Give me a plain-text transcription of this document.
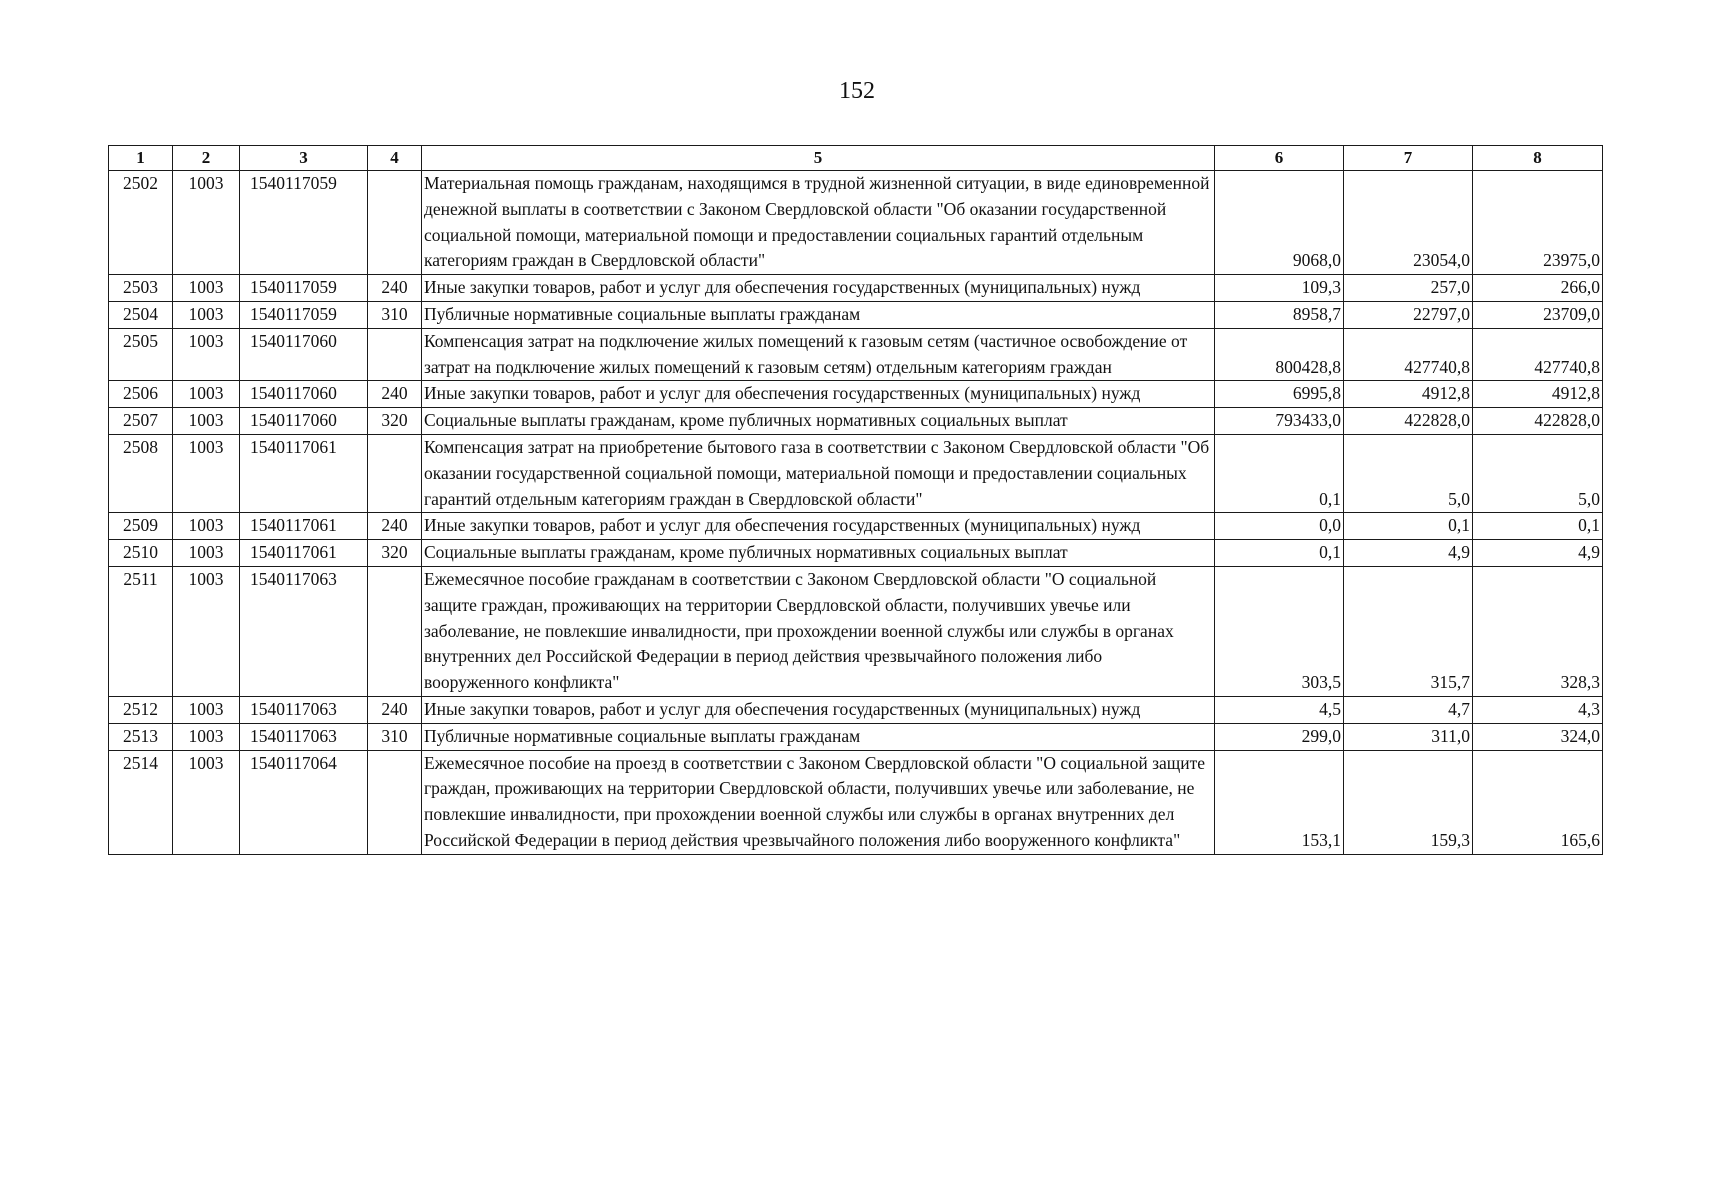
152
1	2	3	4	5	6	7	8
2502	1003	1540117059		Материальная помощь гражданам, находящимся в трудной жизненной ситуации, в виде единовременной денежной выплаты в соответствии с Законом Свердловской области "Об оказании государственной социальной помощи, материальной помощи и предоставлении социальных гарантий отдельным категориям граждан в Свердловской области"	9068,0	23054,0	23975,0
2503	1003	1540117059	240	Иные закупки товаров, работ и услуг для обеспечения государственных (муниципальных) нужд	109,3	257,0	266,0
2504	1003	1540117059	310	Публичные нормативные социальные выплаты гражданам	8958,7	22797,0	23709,0
2505	1003	1540117060		Компенсация затрат на подключение жилых помещений к газовым сетям (частичное освобождение от затрат на подключение жилых помещений к газовым сетям) отдельным категориям граждан	800428,8	427740,8	427740,8
2506	1003	1540117060	240	Иные закупки товаров, работ и услуг для обеспечения государственных (муниципальных) нужд	6995,8	4912,8	4912,8
2507	1003	1540117060	320	Социальные выплаты гражданам, кроме публичных нормативных социальных выплат	793433,0	422828,0	422828,0
2508	1003	1540117061		Компенсация затрат на приобретение бытового газа в соответствии с Законом Свердловской области "Об оказании государственной социальной помощи, материальной помощи и предоставлении социальных гарантий отдельным категориям граждан в Свердловской области"	0,1	5,0	5,0
2509	1003	1540117061	240	Иные закупки товаров, работ и услуг для обеспечения государственных (муниципальных) нужд	0,0	0,1	0,1
2510	1003	1540117061	320	Социальные выплаты гражданам, кроме публичных нормативных социальных выплат	0,1	4,9	4,9
2511	1003	1540117063		Ежемесячное пособие гражданам в соответствии с Законом Свердловской области "О социальной защите граждан, проживающих на территории Свердловской области, получивших увечье или заболевание, не повлекшие инвалидности, при прохождении военной службы или службы в органах внутренних дел Российской Федерации в период действия чрезвычайного положения либо вооруженного конфликта"	303,5	315,7	328,3
2512	1003	1540117063	240	Иные закупки товаров, работ и услуг для обеспечения государственных (муниципальных) нужд	4,5	4,7	4,3
2513	1003	1540117063	310	Публичные нормативные социальные выплаты гражданам	299,0	311,0	324,0
2514	1003	1540117064		Ежемесячное пособие на проезд в соответствии с Законом Свердловской области "О социальной защите граждан, проживающих на территории Свердловской области, получивших увечье или заболевание, не повлекшие инвалидности, при прохождении военной службы или службы в органах внутренних дел Российской Федерации в период действия чрезвычайного положения либо вооруженного конфликта"	153,1	159,3	165,6
